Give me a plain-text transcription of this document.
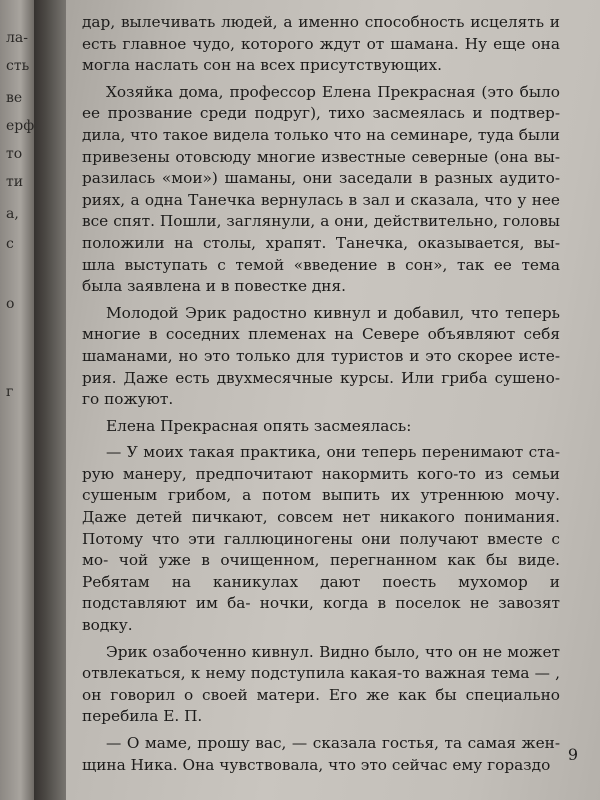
ла-
сть
ве
ерф
то
ти
а,
с
о
г

дар, вылечивать людей, а именно способность исцелять и есть главное чудо, которого ждут от шамана. Ну еще она могла наслать сон на всех присутствующих.

Хозяйка дома, профессор Елена Прекрасная (это было ее прозвание среди подруг), тихо засмеялась и подтвер- дила, что такое видела только что на семинаре, туда были привезены отовсюду многие известные северные (она вы- разилась «мои») шаманы, они заседали в разных аудито- риях, а одна Танечка вернулась в зал и сказала, что у нее все спят. Пошли, заглянули, а они, действительно, головы положили на столы, храпят. Танечка, оказывается, вы- шла выступать с темой «введение в сон», так ее тема была заявлена и в повестке дня.

Молодой Эрик радостно кивнул и добавил, что теперь многие в соседних племенах на Севере объявляют себя шаманами, но это только для туристов и это скорее исте- рия. Даже есть двухмесячные курсы. Или гриба сушено- го пожуют.

Елена Прекрасная опять засмеялась:

— У моих такая практика, они теперь перенимают ста- рую манеру, предпочитают накормить кого-то из семьи сушеным грибом, а потом выпить их утреннюю мочу. Даже детей пичкают, совсем нет никакого понимания. Потому что эти галлюциногены они получают вместе с мо- чой уже в очищенном, перегнанном как бы виде. Ребятам на каникулах дают поесть мухомор и подставляют им ба- ночки, когда в поселок не завозят водку.

Эрик озабоченно кивнул. Видно было, что он не может отвлекаться, к нему подступила какая-то важная тема — , он говорил о своей матери. Его же как бы специально перебила Е. П.

— О маме, прошу вас, — сказала гостья, та самая жен- щина Ника. Она чувствовала, что это сейчас ему гораздо

9
